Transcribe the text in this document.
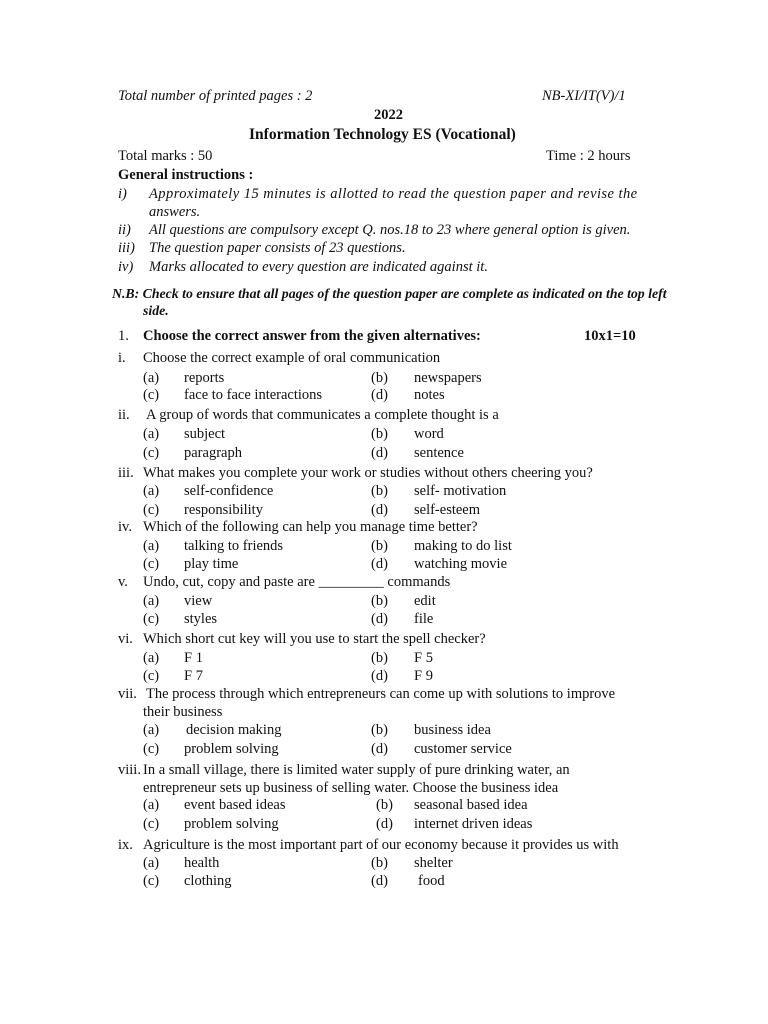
Total number of printed pages : 2	NB-XI/IT(V)/1
2022
Information Technology ES (Vocational)
Total marks : 50	Time : 2 hours
General instructions :
i) Approximately 15 minutes is allotted to read the question paper and revise the
answers.
ii) All questions are compulsory except Q. nos.18 to 23 where general option is given.
iii) The question paper consists of 23 questions.
iv) Marks allocated to every question are indicated against it.
N.B: Check to ensure that all pages of the question paper are complete as indicated on the top left
side.
1. Choose the correct answer from the given alternatives:	10x1=10
i. Choose the correct example of oral communication
(a) reports	(b) newspapers
(c) face to face interactions	(d) notes
ii. A group of words that communicates a complete thought is a
(a) subject	(b) word
(c) paragraph	(d) sentence
iii. What makes you complete your work or studies without others cheering you?
(a) self-confidence	(b) self- motivation
(c) responsibility	(d) self-esteem
iv. Which of the following can help you manage time better?
(a) talking to friends	(b) making to do list
(c) play time	(d) watching movie
v. Undo, cut, copy and paste are _________ commands
(a) view	(b) edit
(c) styles	(d) file
vi. Which short cut key will you use to start the spell checker?
(a) F 1	(b) F 5
(c) F 7	(d) F 9
vii. The process through which entrepreneurs can come up with solutions to improve
their business
(a) decision making	(b) business idea
(c) problem solving	(d) customer service
viii. In a small village, there is limited water supply of pure drinking water, an
entrepreneur sets up business of selling water. Choose the business idea
(a) event based ideas	(b) seasonal based idea
(c) problem solving	(d) internet driven ideas
ix. Agriculture is the most important part of our economy because it provides us with
(a) health	(b) shelter
(c) clothing	(d) food
